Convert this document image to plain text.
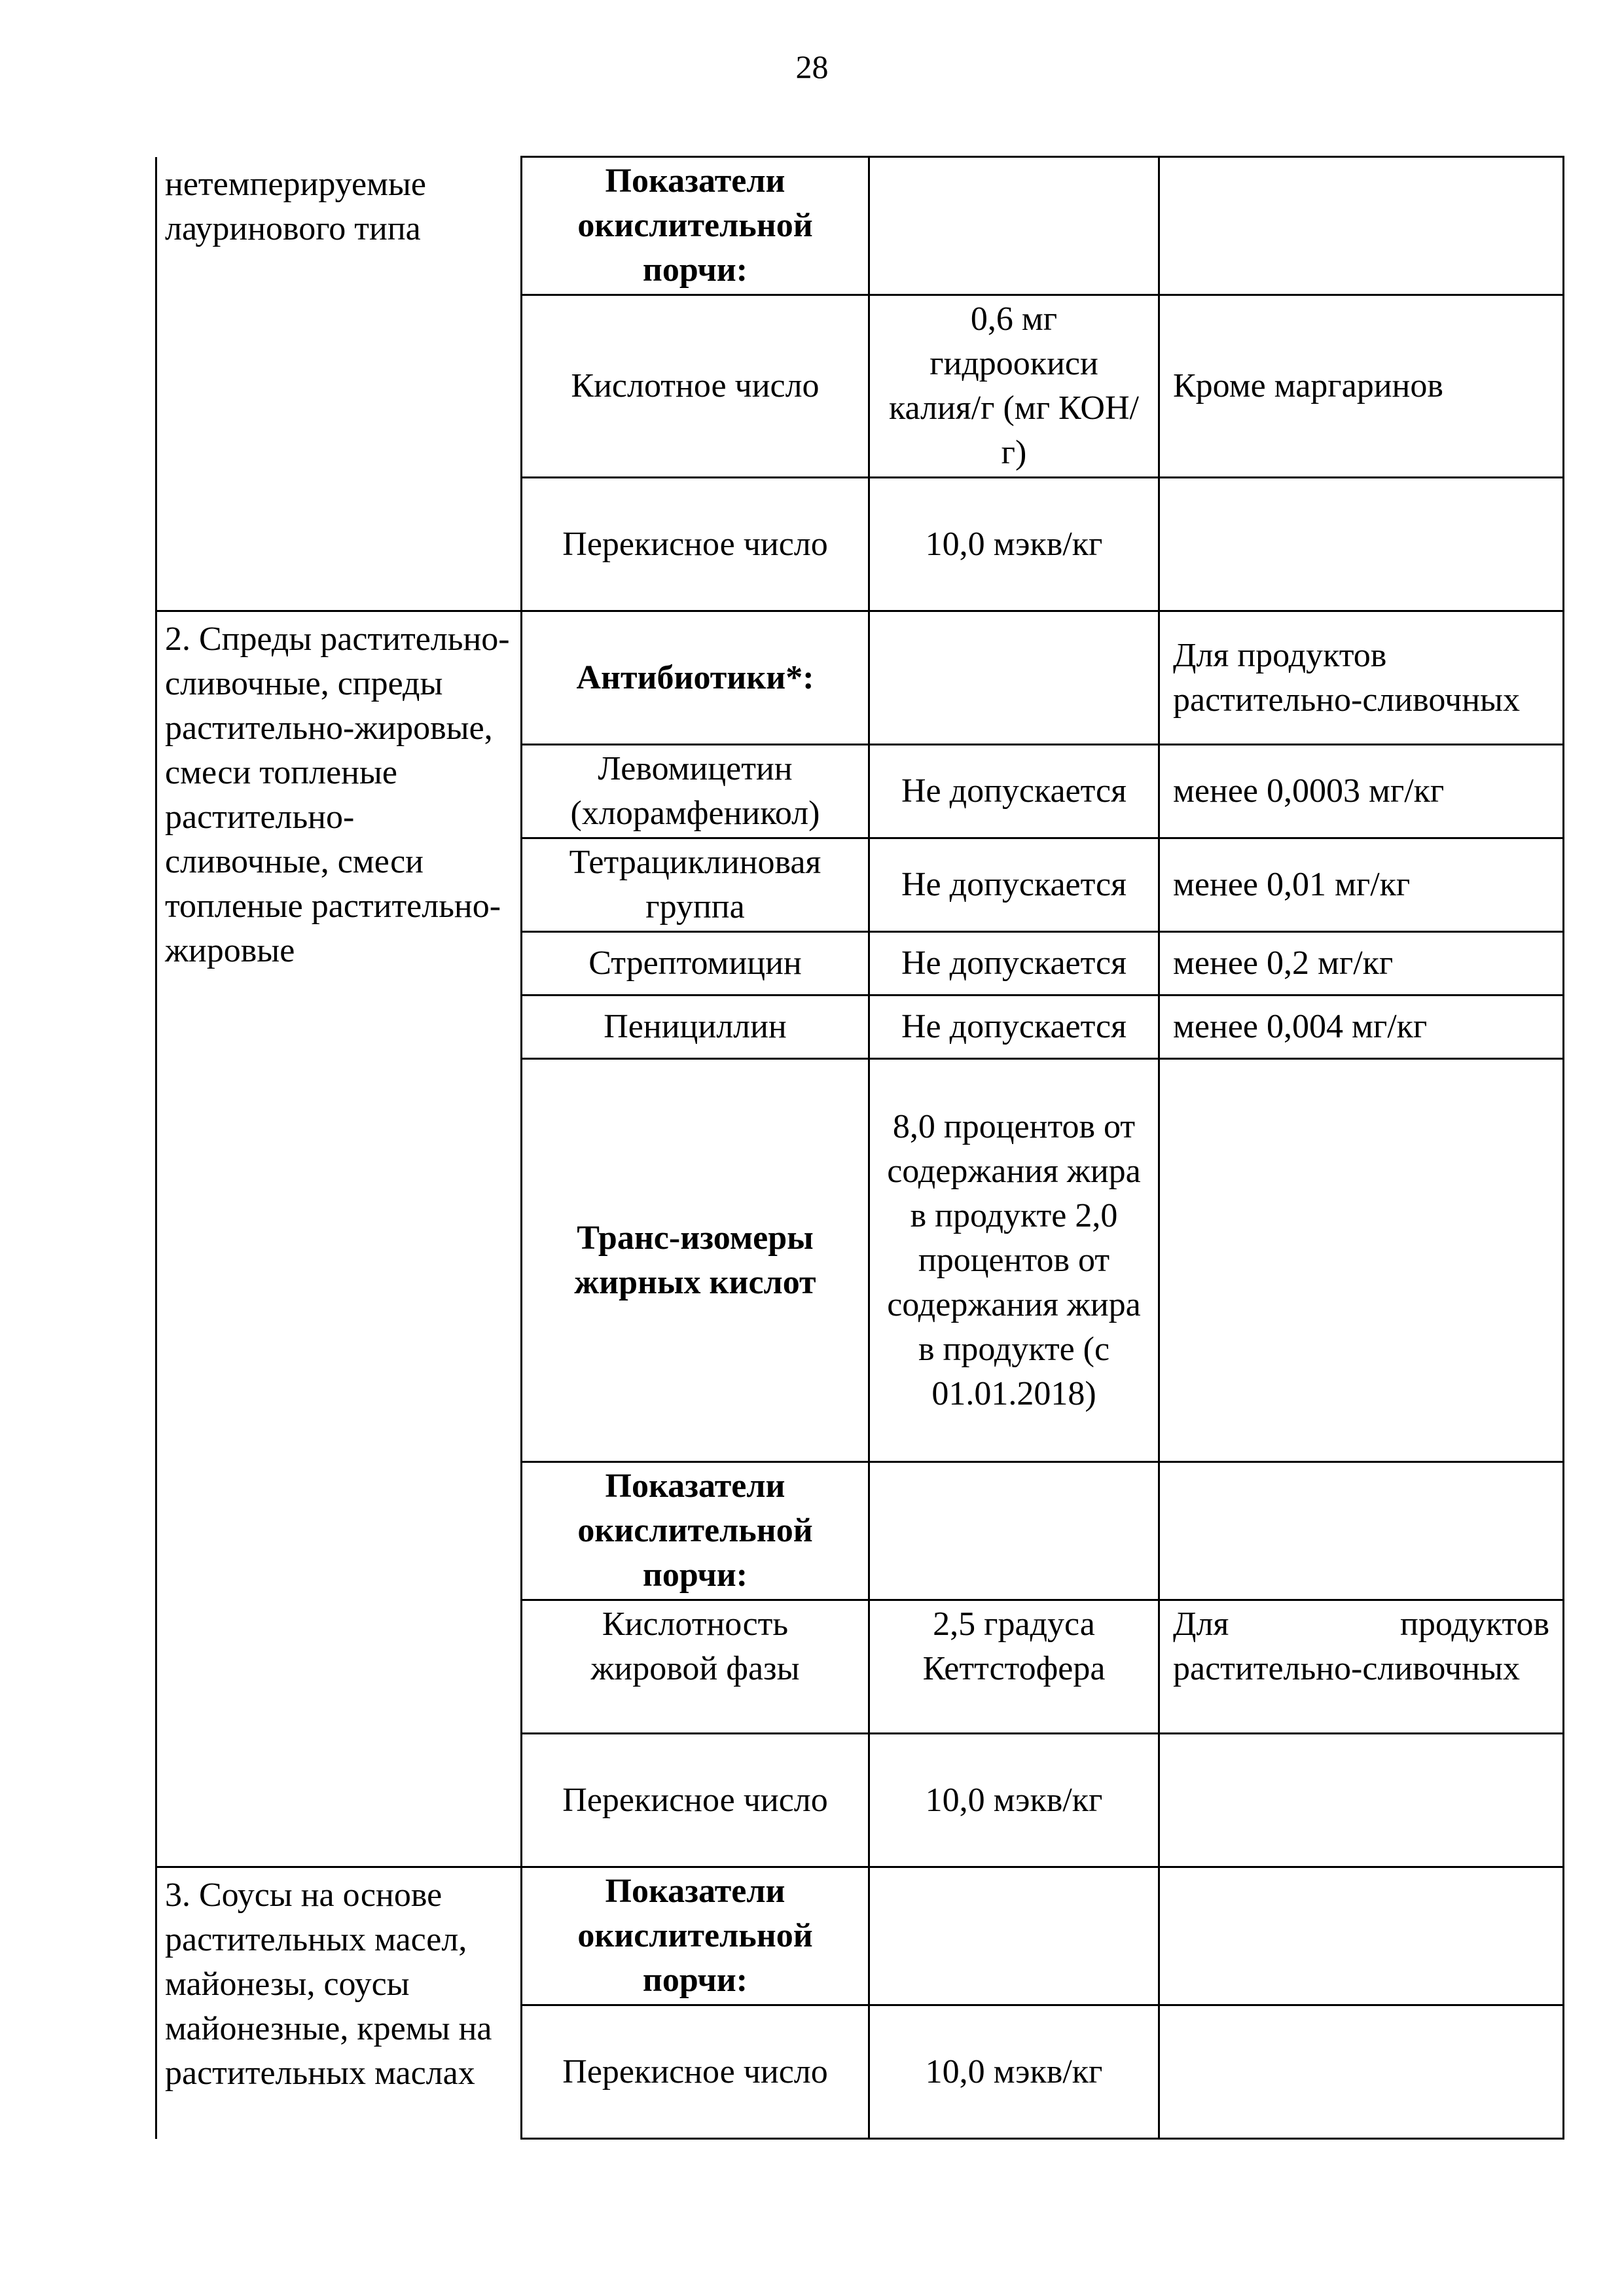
28
нетемперируемые лауринового типа	Показатели окислительной порчи:		
	Кислотное число	0,6 мг гидроокиси калия/г (мг КОН/г)	Кроме маргаринов
	Перекисное число	10,0 мэкв/кг	
2. Спреды растительно-сливочные, спреды растительно-жировые, смеси топленые растительно-сливочные, смеси топленые растительно-жировые	Антибиотики*:		Для продуктов растительно-сливочных
	Левомицетин (хлорамфеникол)	Не допускается	менее 0,0003 мг/кг
	Тетрациклиновая группа	Не допускается	менее 0,01 мг/кг
	Стрептомицин	Не допускается	менее 0,2 мг/кг
	Пенициллин	Не допускается	менее 0,004 мг/кг
	Транс-изомеры жирных кислот	8,0 процентов от содержания жира в продукте 2,0 процентов от содержания жира в продукте (с 01.01.2018)	
	Показатели окислительной порчи:		
	Кислотность жировой фазы	2,5 градуса Кеттстофера	Для продуктов растительно-сливочных
	Перекисное число	10,0 мэкв/кг	
3. Соусы на основе растительных масел, майонезы, соусы майонезные, кремы на растительных маслах	Показатели окислительной порчи:		
	Перекисное число	10,0 мэкв/кг	
